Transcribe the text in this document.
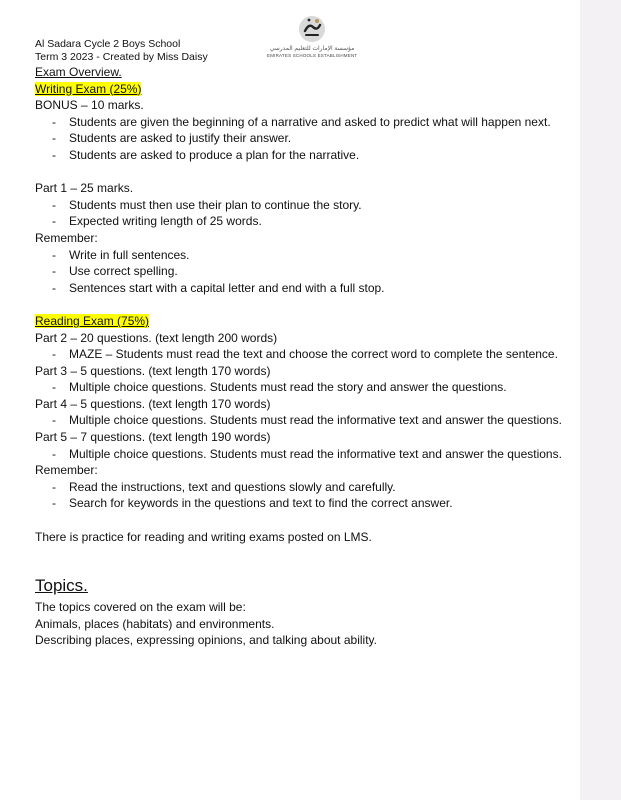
Al Sadara Cycle 2 Boys School
Term 3 2023 - Created by Miss Daisy
مؤسسة الإمارات للتعليم المدرسي
EMIRATES SCHOOLS ESTABLISHMENT
Exam Overview.
Writing Exam (25%)
BONUS – 10 marks.
- Students are given the beginning of a narrative and asked to predict what will happen next.
- Students are asked to justify their answer.
- Students are asked to produce a plan for the narrative.
Part 1 – 25 marks.
- Students must then use their plan to continue the story.
- Expected writing length of 25 words.
Remember:
- Write in full sentences.
- Use correct spelling.
- Sentences start with a capital letter and end with a full stop.
Reading Exam (75%)
Part 2 – 20 questions. (text length 200 words)
- MAZE – Students must read the text and choose the correct word to complete the sentence.
Part 3 – 5 questions. (text length 170 words)
- Multiple choice questions. Students must read the story and answer the questions.
Part 4 – 5 questions. (text length 170 words)
- Multiple choice questions. Students must read the informative text and answer the questions.
Part 5 – 7 questions. (text length 190 words)
- Multiple choice questions. Students must read the informative text and answer the questions.
Remember:
- Read the instructions, text and questions slowly and carefully.
- Search for keywords in the questions and text to find the correct answer.
There is practice for reading and writing exams posted on LMS.
Topics.
The topics covered on the exam will be:
Animals, places (habitats) and environments.
Describing places, expressing opinions, and talking about ability.
